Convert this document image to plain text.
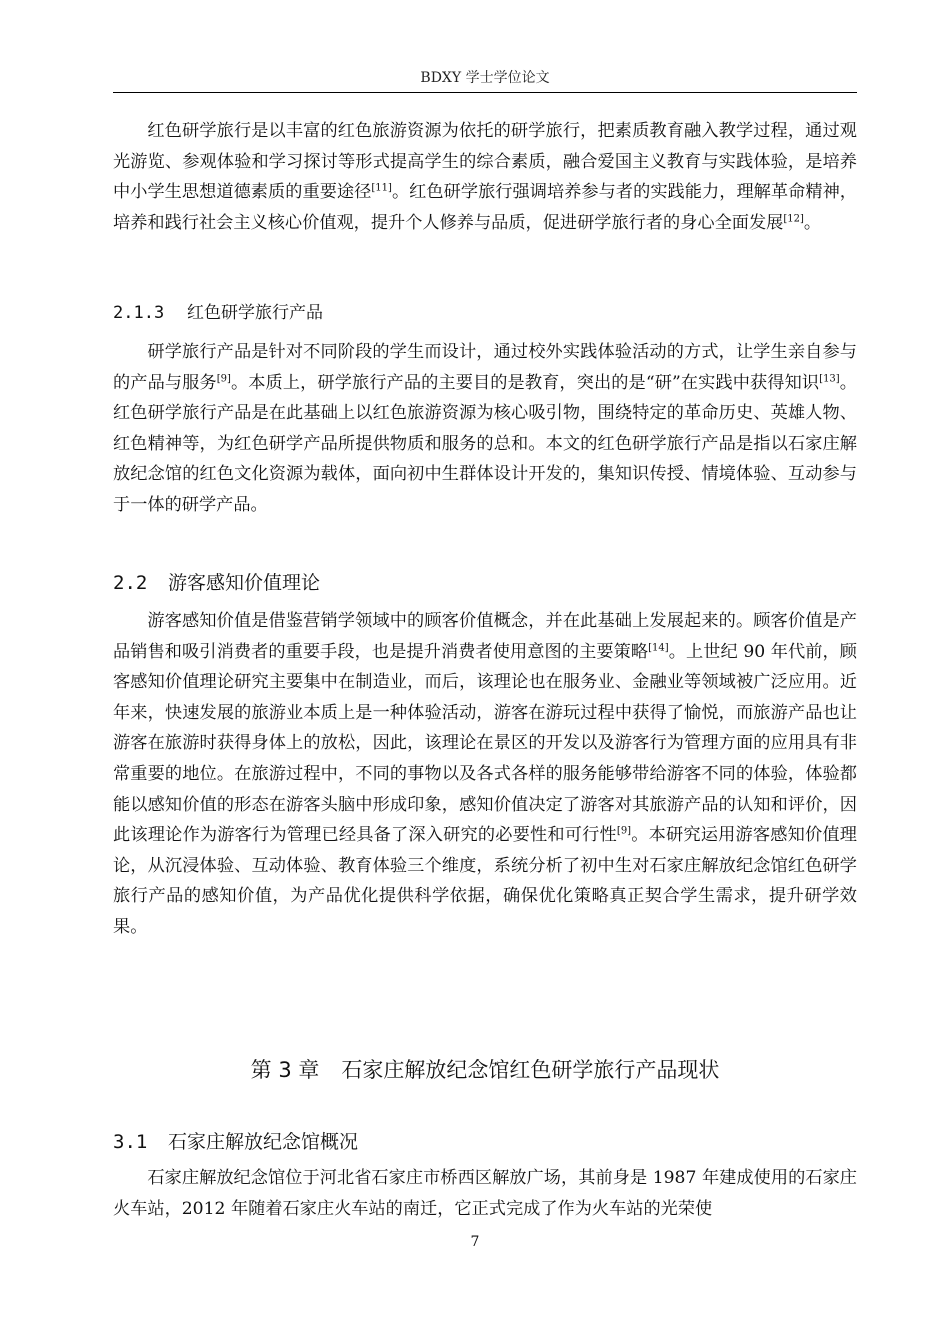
BDXY 学士学位论文

红色研学旅行是以丰富的红色旅游资源为依托的研学旅行，把素质教育融入教学过程，通过观光游览、参观体验和学习探讨等形式提高学生的综合素质，融合爱国主义教育与实践体验，是培养中小学生思想道德素质的重要途径[11]。红色研学旅行强调培养参与者的实践能力，理解革命精神，培养和践行社会主义核心价值观，提升个人修养与品质，促进研学旅行者的身心全面发展[12]。

2.1.3 红色研学旅行产品

研学旅行产品是针对不同阶段的学生而设计，通过校外实践体验活动的方式，让学生亲自参与的产品与服务[9]。本质上，研学旅行产品的主要目的是教育，突出的是“研”在实践中获得知识[13]。红色研学旅行产品是在此基础上以红色旅游资源为核心吸引物，围绕特定的革命历史、英雄人物、红色精神等，为红色研学产品所提供物质和服务的总和。本文的红色研学旅行产品是指以石家庄解放纪念馆的红色文化资源为载体，面向初中生群体设计开发的，集知识传授、情境体验、互动参与于一体的研学产品。

2.2 游客感知价值理论

游客感知价值是借鉴营销学领域中的顾客价值概念，并在此基础上发展起来的。顾客价值是产品销售和吸引消费者的重要手段，也是提升消费者使用意图的主要策略[14]。上世纪 90 年代前，顾客感知价值理论研究主要集中在制造业，而后，该理论也在服务业、金融业等领域被广泛应用。近年来，快速发展的旅游业本质上是一种体验活动，游客在游玩过程中获得了愉悦，而旅游产品也让游客在旅游时获得身体上的放松，因此，该理论在景区的开发以及游客行为管理方面的应用具有非常重要的地位。在旅游过程中，不同的事物以及各式各样的服务能够带给游客不同的体验，体验都能以感知价值的形态在游客头脑中形成印象，感知价值决定了游客对其旅游产品的认知和评价，因此该理论作为游客行为管理已经具备了深入研究的必要性和可行性[9]。本研究运用游客感知价值理论，从沉浸体验、互动体验、教育体验三个维度，系统分析了初中生对石家庄解放纪念馆红色研学旅行产品的感知价值，为产品优化提供科学依据，确保优化策略真正契合学生需求，提升研学效果。

第 3 章 石家庄解放纪念馆红色研学旅行产品现状
3.1 石家庄解放纪念馆概况

石家庄解放纪念馆位于河北省石家庄市桥西区解放广场，其前身是 1987 年建成使用的石家庄火车站，2012 年随着石家庄火车站的南迁，它正式完成了作为火车站的光荣使

7
